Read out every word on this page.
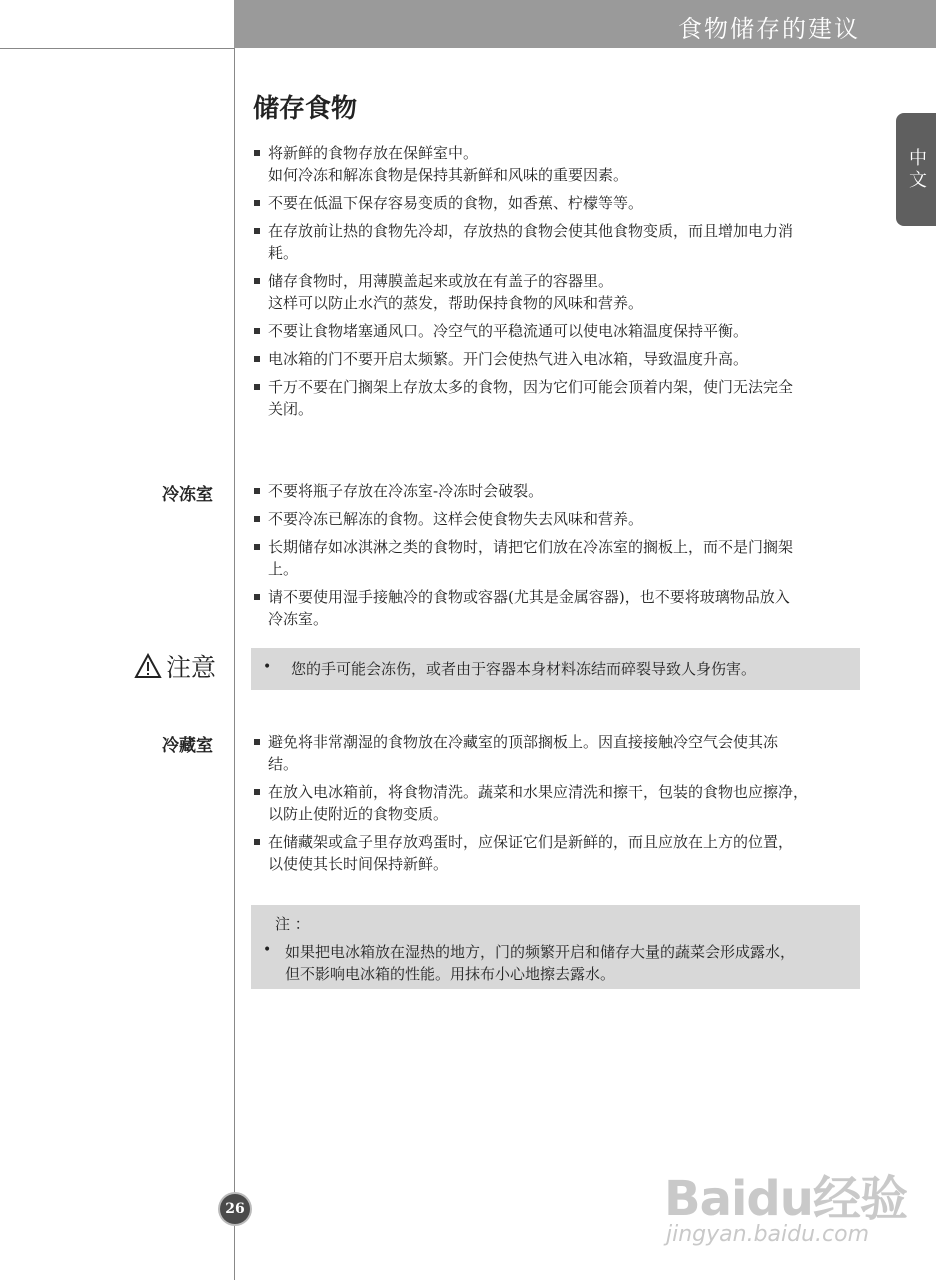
食物储存的建议
中文
储存食物
将新鲜的食物存放在保鲜室中。
如何冷冻和解冻食物是保持其新鲜和风味的重要因素。
不要在低温下保存容易变质的食物，如香蕉、柠檬等等。
在存放前让热的食物先冷却，存放热的食物会使其他食物变质，而且增加电力消
耗。
储存食物时，用薄膜盖起来或放在有盖子的容器里。
这样可以防止水汽的蒸发，帮助保持食物的风味和营养。
不要让食物堵塞通风口。冷空气的平稳流通可以使电冰箱温度保持平衡。
电冰箱的门不要开启太频繁。开门会使热气进入电冰箱，导致温度升高。
千万不要在门搁架上存放太多的食物，因为它们可能会顶着内架，使门无法完全
关闭。
冷冻室	不要将瓶子存放在冷冻室-冷冻时会破裂。
不要冷冻已解冻的食物。这样会使食物失去风味和营养。
长期储存如冰淇淋之类的食物时，请把它们放在冷冻室的搁板上，而不是门搁架
上。
请不要使用湿手接触冷的食物或容器(尤其是金属容器)，也不要将玻璃物品放入
冷冻室。
注意	• 您的手可能会冻伤，或者由于容器本身材料冻结而碎裂导致人身伤害。
冷藏室	避免将非常潮湿的食物放在冷藏室的顶部搁板上。因直接接触冷空气会使其冻
结。
在放入电冰箱前，将食物清洗。蔬菜和水果应清洗和擦干，包装的食物也应擦净，
以防止使附近的食物变质。
在储藏架或盒子里存放鸡蛋时，应保证它们是新鲜的，而且应放在上方的位置，
以使使其长时间保持新鲜。
注 ：
• 如果把电冰箱放在湿热的地方，门的频繁开启和储存大量的蔬菜会形成露水，
但不影响电冰箱的性能。用抹布小心地擦去露水。
26	Baidu经验
jingyan.baidu.com
